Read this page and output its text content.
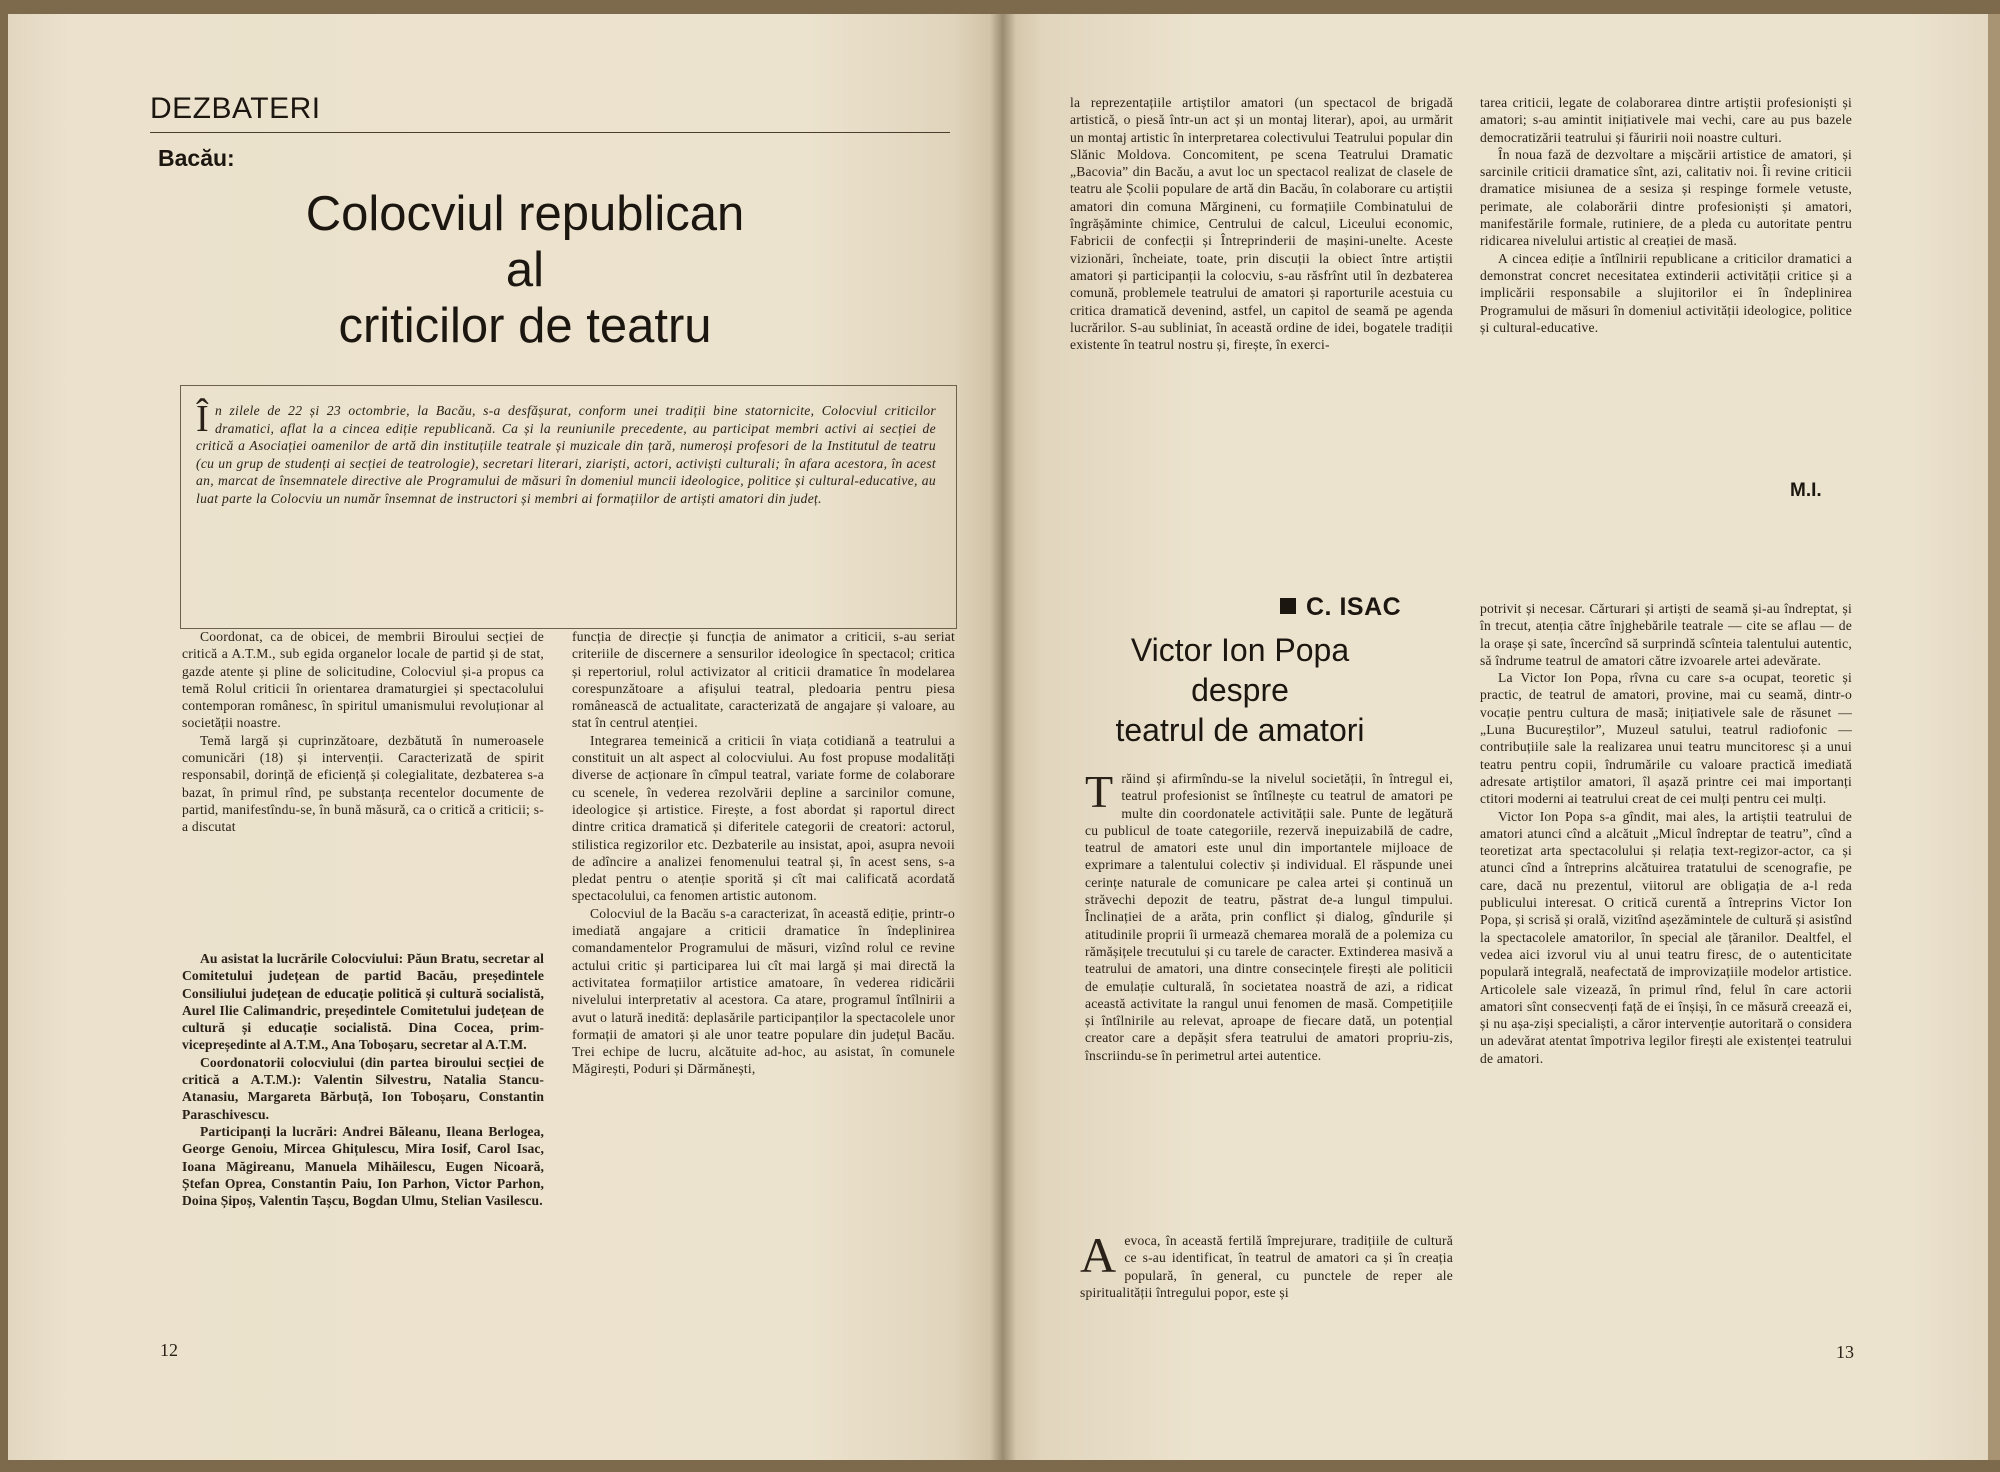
DEZBATERI
Bacău:
Colocviul republican
al
criticilor de teatru
În zilele de 22 și 23 octombrie, la Bacău, s-a desfășurat, conform unei tradiții bine statornicite, Colocviul criticilor dramatici, aflat la a cincea ediție republicană. Ca și la reuniunile precedente, au participat membri activi ai secției de critică a Asociației oamenilor de artă din instituțiile teatrale și muzicale din țară, numeroși profesori de la Institutul de teatru (cu un grup de studenți ai secției de teatrologie), secretari literari, ziariști, actori, activiști culturali; în afara acestora, în acest an, marcat de însemnatele directive ale Programului de măsuri în domeniul muncii ideologice, politice și cultural-educative, au luat parte la Colocviu un număr însemnat de instructori și membri ai formațiilor de artiști amatori din județ.

Coordonat, ca de obicei, de membrii Biroului secției de critică a A.T.M., sub egida organelor locale de partid și de stat, gazde atente și pline de solicitudine, Colocviul și-a propus ca temă Rolul criticii în orientarea dramaturgiei și spectacolului contemporan românesc, în spiritul umanismului revoluționar al societății noastre.

Temă largă și cuprinzătoare, dezbătută în numeroasele comunicări (18) și intervenții. Caracterizată de spirit responsabil, dorință de eficiență și colegialitate, dezbaterea s-a bazat, în primul rînd, pe substanța recentelor documente de partid, manifestîndu-se, în bună măsură, ca o critică a criticii; s-a discutat

Au asistat la lucrările Colocviului: Păun Bratu, secretar al Comitetului județean de partid Bacău, președintele Consiliului județean de educație politică și cultură socialistă, Aurel Ilie Calimandric, președintele Comitetului județean de cultură și educație socialistă. Dina Cocea, prim-vicepreședinte al A.T.M., Ana Toboșaru, secretar al A.T.M.

Coordonatorii colocviului (din partea biroului secției de critică a A.T.M.): Valentin Silvestru, Natalia Stancu-Atanasiu, Margareta Bărbuță, Ion Toboșaru, Constantin Paraschivescu.

Participanți la lucrări: Andrei Băleanu, Ileana Berlogea, George Genoiu, Mircea Ghițulescu, Mira Iosif, Carol Isac, Ioana Măgireanu, Manuela Mihăilescu, Eugen Nicoară, Ștefan Oprea, Constantin Paiu, Ion Parhon, Victor Parhon, Doina Șipoș, Valentin Tașcu, Bogdan Ulmu, Stelian Vasilescu.

funcția de direcție și funcția de animator a criticii, s-au seriat criteriile de discernere a sensurilor ideologice în spectacol; critica și repertoriul, rolul activizator al criticii dramatice în modelarea corespunzătoare a afișului teatral, pledoaria pentru piesa românească de actualitate, caracterizată de angajare și valoare, au stat în centrul atenției.

Integrarea temeinică a criticii în viața cotidiană a teatrului a constituit un alt aspect al colocviului. Au fost propuse modalități diverse de acționare în cîmpul teatral, variate forme de colaborare cu scenele, în vederea rezolvării depline a sarcinilor comune, ideologice și artistice. Firește, a fost abordat și raportul direct dintre critica dramatică și diferitele categorii de creatori: actorul, stilistica regizorilor etc. Dezbaterile au insistat, apoi, asupra nevoii de adîncire a analizei fenomenului teatral și, în acest sens, s-a pledat pentru o atenție sporită și cît mai calificată acordată spectacolului, ca fenomen artistic autonom.

Colocviul de la Bacău s-a caracterizat, în această ediție, printr-o imediată angajare a criticii dramatice în îndeplinirea comandamentelor Programului de măsuri, vizînd rolul ce revine actului critic și participarea lui cît mai largă și mai directă la activitatea formațiilor artistice amatoare, în vederea ridicării nivelului interpretativ al acestora. Ca atare, programul întîlnirii a avut o latură inedită: deplasările participanților la spectacolele unor formații de amatori și ale unor teatre populare din județul Bacău. Trei echipe de lucru, alcătuite ad-hoc, au asistat, în comunele Măgirești, Poduri și Dărmănești,

12

la reprezentațiile artiștilor amatori (un spectacol de brigadă artistică, o piesă într-un act și un montaj literar), apoi, au urmărit un montaj artistic în interpretarea colectivului Teatrului popular din Slănic Moldova. Concomitent, pe scena Teatrului Dramatic „Bacovia” din Bacău, a avut loc un spectacol realizat de clasele de teatru ale Școlii populare de artă din Bacău, în colaborare cu artiștii amatori din comuna Mărgineni, cu formațiile Combinatului de îngrășăminte chimice, Centrului de calcul, Liceului economic, Fabricii de confecții și Întreprinderii de mașini-unelte. Aceste vizionări, încheiate, toate, prin discuții la obiect între artiștii amatori și participanții la colocviu, s-au răsfrînt util în dezbaterea comună, problemele teatrului de amatori și raporturile acestuia cu critica dramatică devenind, astfel, un capitol de seamă pe agenda lucrărilor. S-au subliniat, în această ordine de idei, bogatele tradiții existente în teatrul nostru și, firește, în exerci-

tarea criticii, legate de colaborarea dintre artiștii profesioniști și amatori; s-au amintit inițiativele mai vechi, care au pus bazele democratizării teatrului și făuririi noii noastre culturi.

În noua fază de dezvoltare a mișcării artistice de amatori, și sarcinile criticii dramatice sînt, azi, calitativ noi. Îi revine criticii dramatice misiunea de a sesiza și respinge formele vetuste, perimate, ale colaborării dintre profesioniști și amatori, manifestările formale, rutiniere, de a pleda cu autoritate pentru ridicarea nivelului artistic al creației de masă.

A cincea ediție a întîlnirii republicane a criticilor dramatici a demonstrat concret necesitatea extinderii activității critice și a implicării responsabile a slujitorilor ei în îndeplinirea Programului de măsuri în domeniul activității ideologice, politice și cultural-educative.

M.I.
C. ISAC
Victor Ion Popa
despre
teatrul de amatori

Trăind și afirmîndu-se la nivelul societății, în întregul ei, teatrul profesionist se întîlnește cu teatrul de amatori pe multe din coordonatele activității sale. Punte de legătură cu publicul de toate categoriile, rezervă inepuizabilă de cadre, teatrul de amatori este unul din importantele mijloace de exprimare a talentului colectiv și individual. El răspunde unei cerințe naturale de comunicare pe calea artei și continuă un străvechi depozit de teatru, păstrat de-a lungul timpului. Înclinației de a arăta, prin conflict și dialog, gîndurile și atitudinile proprii îi urmează chemarea morală de a polemiza cu rămășițele trecutului și cu tarele de caracter. Extinderea masivă a teatrului de amatori, una dintre consecințele firești ale politicii de emulație culturală, în societatea noastră de azi, a ridicat această activitate la rangul unui fenomen de masă. Competițiile și întîlnirile au relevat, aproape de fiecare dată, un potențial creator care a depășit sfera teatrului de amatori propriu-zis, înscriindu-se în perimetrul artei autentice.

Aevoca, în această fertilă împrejurare, tradițiile de cultură ce s-au identificat, în teatrul de amatori ca și în creația populară, în general, cu punctele de reper ale spiritualității întregului popor, este și

potrivit și necesar. Cărturari și artiști de seamă și-au îndreptat, și în trecut, atenția către înjghebările teatrale — cite se aflau — de la orașe și sate, încercînd să surprindă scînteia talentului autentic, să îndrume teatrul de amatori către izvoarele artei adevărate.

La Victor Ion Popa, rîvna cu care s-a ocupat, teoretic și practic, de teatrul de amatori, provine, mai cu seamă, dintr-o vocație pentru cultura de masă; inițiativele sale de răsunet — „Luna Bucureștilor”, Muzeul satului, teatrul radiofonic — contribuțiile sale la realizarea unui teatru muncitoresc și a unui teatru pentru copii, îndrumările cu valoare practică imediată adresate artiștilor amatori, îl așază printre cei mai importanți ctitori moderni ai teatrului creat de cei mulți pentru cei mulți.

Victor Ion Popa s-a gîndit, mai ales, la artiștii teatrului de amatori atunci cînd a alcătuit „Micul îndreptar de teatru”, cînd a teoretizat arta spectacolului și relația text-regizor-actor, ca și atunci cînd a întreprins alcătuirea tratatului de scenografie, pe care, dacă nu prezentul, viitorul are obligația de a-l reda publicului interesat. O critică curentă a întreprins Victor Ion Popa, și scrisă și orală, vizitînd așezămintele de cultură și asistînd la spectacolele amatorilor, în special ale țăranilor. Dealtfel, el vedea aici izvorul viu al unui teatru firesc, de o autenticitate populară integrală, neafectată de improvizațiile modelor artistice. Articolele sale vizează, în primul rînd, felul în care actorii amatori sînt consecvenți față de ei înșiși, în ce măsură creează ei, și nu așa-ziși specialiști, a căror intervenție autoritară o considera un adevărat atentat împotriva legilor firești ale existenței teatrului de amatori.

13
